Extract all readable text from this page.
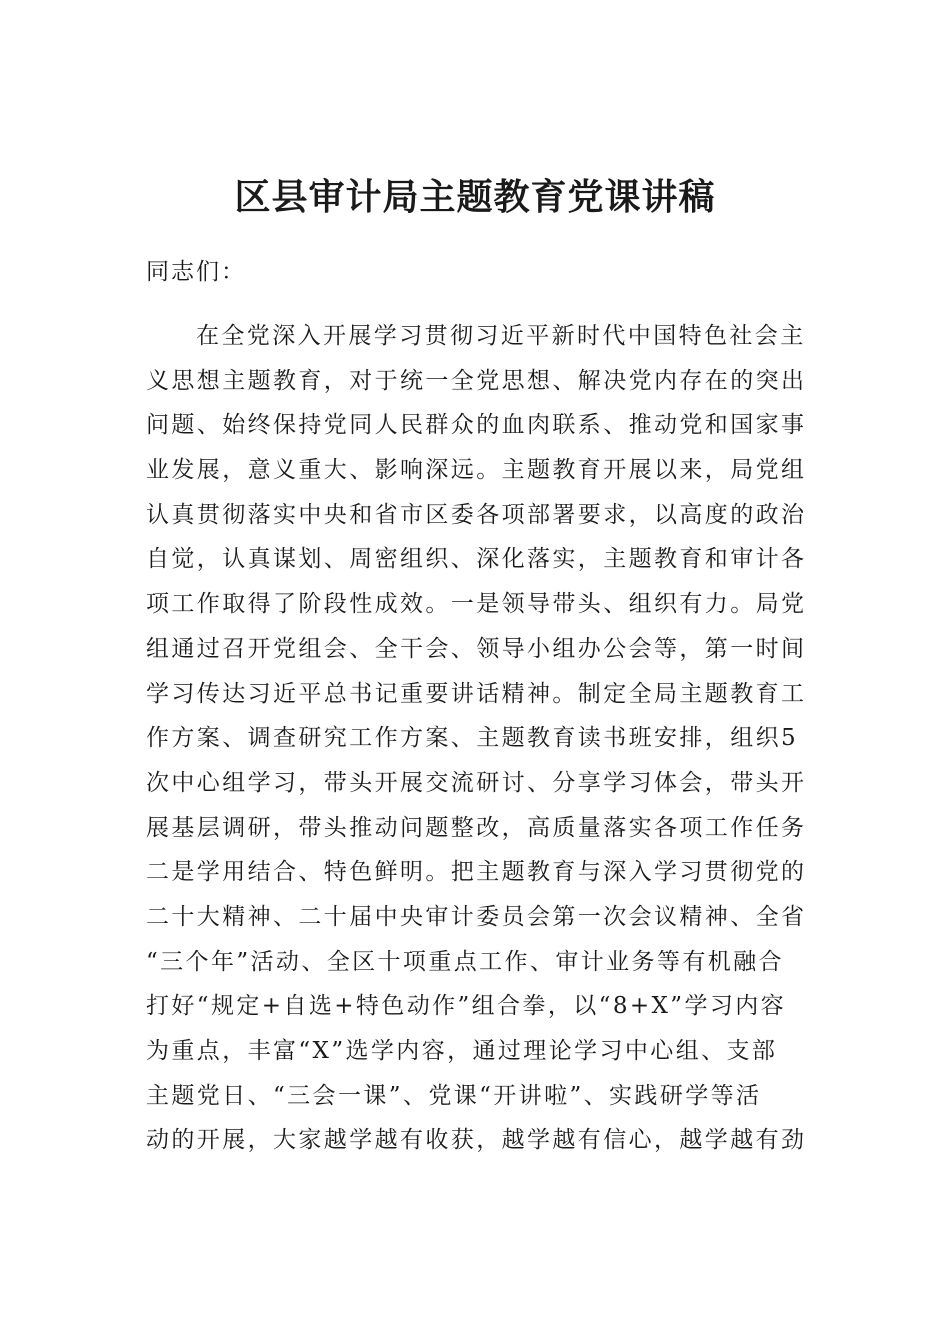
区县审计局主题教育党课讲稿

同志们：

在全党深入开展学习贯彻习近平新时代中国特色社会主
义思想主题教育，对于统一全党思想、解决党内存在的突出
问题、始终保持党同人民群众的血肉联系、推动党和国家事
业发展，意义重大、影响深远。主题教育开展以来，局党组
认真贯彻落实中央和省市区委各项部署要求，以高度的政治
自觉，认真谋划、周密组织、深化落实，主题教育和审计各
项工作取得了阶段性成效。一是领导带头、组织有力。局党
组通过召开党组会、全干会、领导小组办公会等，第一时间
学习传达习近平总书记重要讲话精神。制定全局主题教育工
作方案、调查研究工作方案、主题教育读书班安排，组织5
次中心组学习，带头开展交流研讨、分享学习体会，带头开
展基层调研，带头推动问题整改，高质量落实各项工作任务
二是学用结合、特色鲜明。把主题教育与深入学习贯彻党的
二十大精神、二十届中央审计委员会第一次会议精神、全省
“三个年”活动、全区十项重点工作、审计业务等有机融合
打好“规定+自选+特色动作”组合拳，以“8+X”学习内容
为重点，丰富“X”选学内容，通过理论学习中心组、支部
主题党日、“三会一课”、党课“开讲啦”、实践研学等活
动的开展，大家越学越有收获，越学越有信心，越学越有劲
